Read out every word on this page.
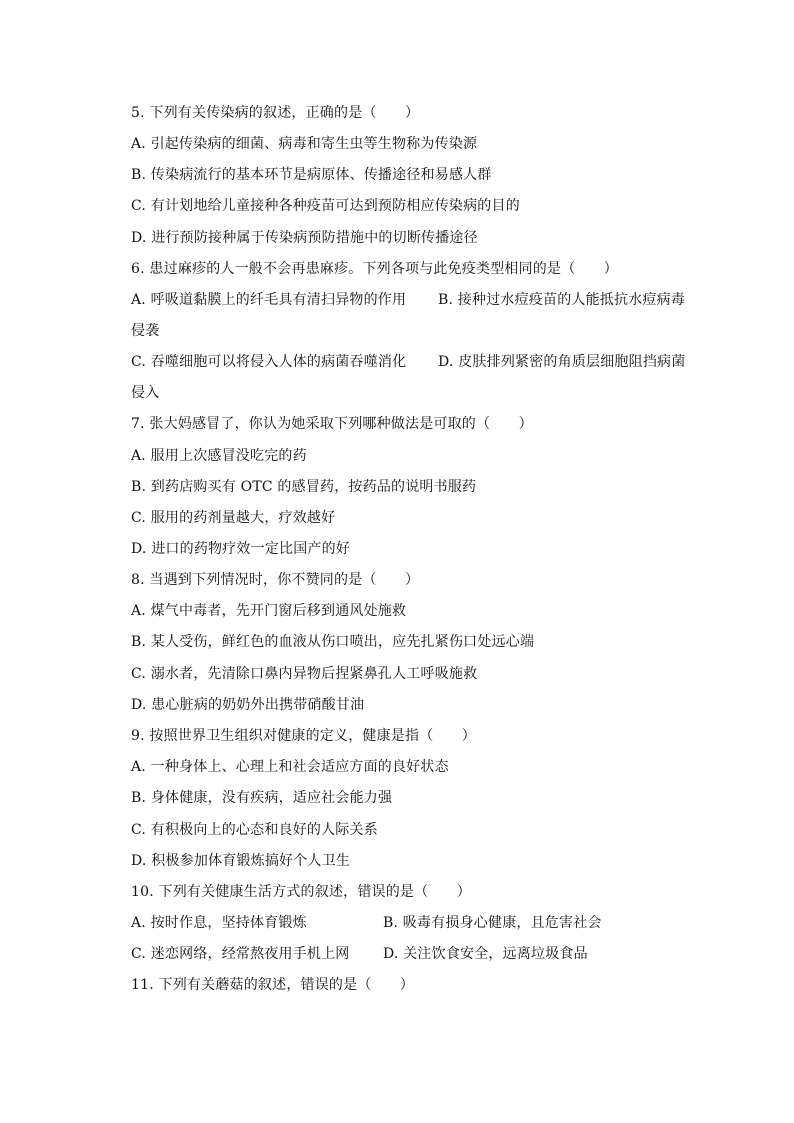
5. 下列有关传染病的叙述，正确的是（　　）
A. 引起传染病的细菌、病毒和寄生虫等生物称为传染源
B. 传染病流行的基本环节是病原体、传播途径和易感人群
C. 有计划地给儿童接种各种疫苗可达到预防相应传染病的目的
D. 进行预防接种属于传染病预防措施中的切断传播途径
6. 患过麻疹的人一般不会再患麻疹。下列各项与此免疫类型相同的是（　　）
A. 呼吸道黏膜上的纤毛具有清扫异物的作用 B. 接种过水痘疫苗的人能抵抗水痘病毒
侵袭
C. 吞噬细胞可以将侵入人体的病菌吞噬消化 D. 皮肤排列紧密的角质层细胞阻挡病菌
侵入
7. 张大妈感冒了，你认为她采取下列哪种做法是可取的（　　）
A. 服用上次感冒没吃完的药
B. 到药店购买有 OTC 的感冒药，按药品的说明书服药
C. 服用的药剂量越大，疗效越好
D. 进口的药物疗效一定比国产的好
8. 当遇到下列情况时，你不赞同的是（　　）
A. 煤气中毒者，先开门窗后移到通风处施救
B. 某人受伤，鲜红色的血液从伤口喷出，应先扎紧伤口处远心端
C. 溺水者，先清除口鼻内异物后捏紧鼻孔人工呼吸施救
D. 患心脏病的奶奶外出携带硝酸甘油
9. 按照世界卫生组织对健康的定义，健康是指（　　）
A. 一种身体上、心理上和社会适应方面的良好状态
B. 身体健康，没有疾病，适应社会能力强
C. 有积极向上的心态和良好的人际关系
D. 积极参加体育锻炼搞好个人卫生
10. 下列有关健康生活方式的叙述，错误的是（　　）
A. 按时作息，坚持体育锻炼	B. 吸毒有损身心健康，且危害社会
C. 迷恋网络，经常熬夜用手机上网 D. 关注饮食安全，远离垃圾食品
11. 下列有关蘑菇的叙述，错误的是（　　）
